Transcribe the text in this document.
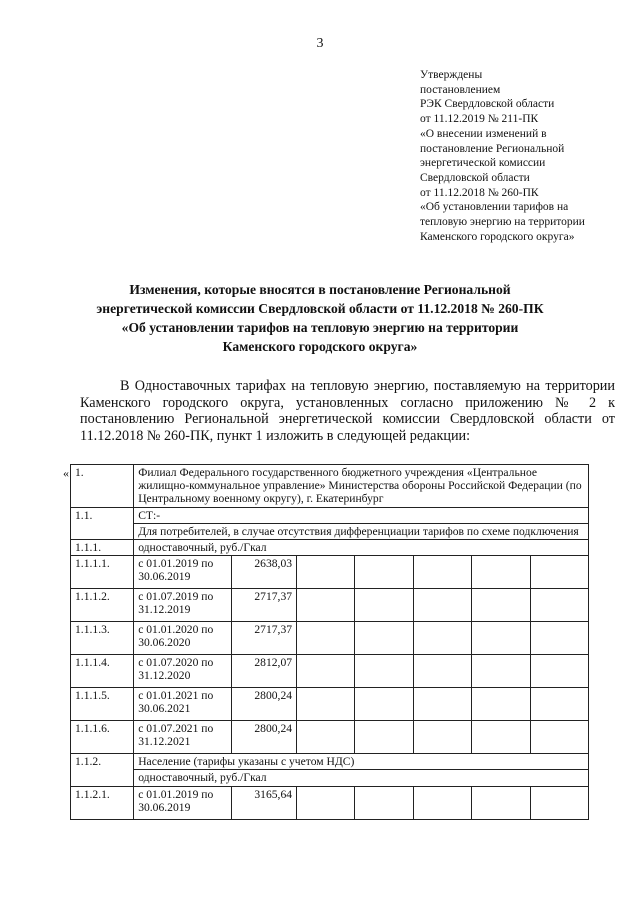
3
Утверждены
постановлением
РЭК Свердловской области
от 11.12.2019 № 211-ПК
«О внесении изменений в
постановление Региональной
энергетической комиссии
Свердловской области
от 11.12.2018 № 260-ПК
«Об установлении тарифов на
тепловую энергию на территории
Каменского городского округа»
Изменения, которые вносятся в постановление Региональной
энергетической комиссии Свердловской области от 11.12.2018 № 260-ПК
«Об установлении тарифов на тепловую энергию на территории
Каменского городского округа»
В Одноставочных тарифах на тепловую энергию, поставляемую на территории Каменского городского округа, установленных согласно приложению № 2 к постановлению Региональной энергетической комиссии Свердловской области от 11.12.2018 № 260-ПК, пункт 1 изложить в следующей редакции:
« 1.	Филиал Федерального государственного бюджетного учреждения «Центральное жилищно-коммунальное управление» Министерства обороны Российской Федерации (по Центральному военному округу), г. Екатеринбург						
1.1.	СТ:-						
	Для потребителей, в случае отсутствия дифференциации тарифов по схеме подключения						
1.1.1.	одноставочный, руб./Гкал						
1.1.1.1.	с 01.01.2019 по 30.06.2019	2638,03					
1.1.1.2.	с 01.07.2019 по 31.12.2019	2717,37					
1.1.1.3.	с 01.01.2020 по 30.06.2020	2717,37					
1.1.1.4.	с 01.07.2020 по 31.12.2020	2812,07					
1.1.1.5.	с 01.01.2021 по 30.06.2021	2800,24					
1.1.1.6.	с 01.07.2021 по 31.12.2021	2800,24					
1.1.2.	Население (тарифы указаны с учетом НДС)						
	одноставочный, руб./Гкал						
1.1.2.1.	с 01.01.2019 по 30.06.2019	3165,64					
